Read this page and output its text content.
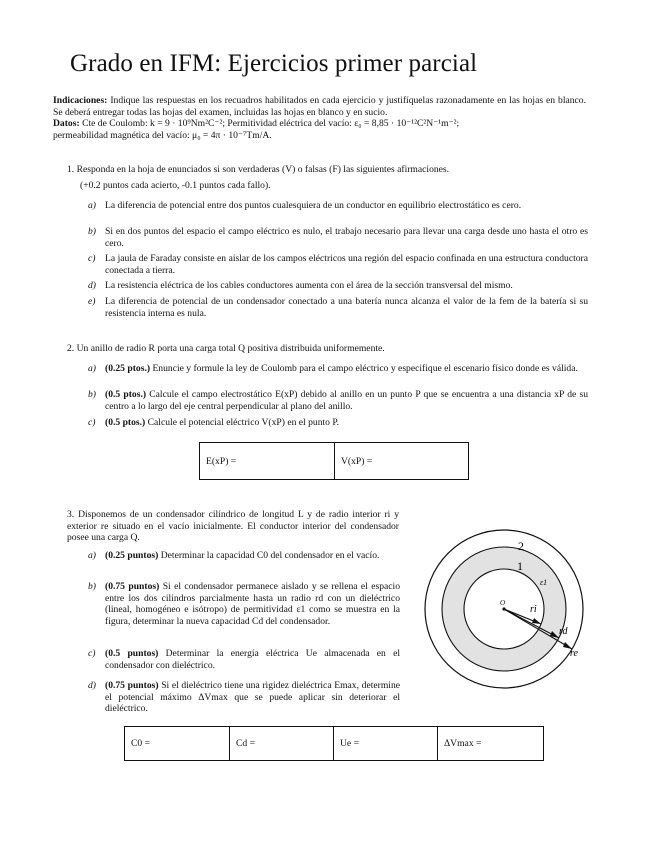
Grado en IFM: Ejercicios primer parcial
Indicaciones: Indique las respuestas en los recuadros habilitados en cada ejercicio y justifíquelas razonadamente en las hojas en blanco. Se deberá entregar todas las hojas del examen, incluidas las hojas en blanco y en sucio.
Datos: Cte de Coulomb: k = 9 · 10⁹Nm²C⁻²; Permitividad eléctrica del vacío: ε₀ = 8,85 · 10⁻¹²C²N⁻¹m⁻²;
permeabilidad magnética del vacío: μ₀ = 4π · 10⁻⁷Tm/A.
1. Responda en la hoja de enunciados si son verdaderas (V) o falsas (F) las siguientes afirmaciones.
(+0.2 puntos cada acierto, -0.1 puntos cada fallo).
a) La diferencia de potencial entre dos puntos cualesquiera de un conductor en equilibrio electrostático es cero.
b) Si en dos puntos del espacio el campo eléctrico es nulo, el trabajo necesario para llevar una carga desde uno hasta el otro es cero.
c) La jaula de Faraday consiste en aislar de los campos eléctricos una región del espacio confinada en una estructura conductora conectada a tierra.
d) La resistencia eléctrica de los cables conductores aumenta con el área de la sección transversal del mismo.
e) La diferencia de potencial de un condensador conectado a una batería nunca alcanza el valor de la fem de la batería si su resistencia interna es nula.
2. Un anillo de radio R porta una carga total Q positiva distribuida uniformemente.
a) (0.25 ptos.) Enuncie y formule la ley de Coulomb para el campo eléctrico y especifique el escenario físico donde es válida.
b) (0.5 ptos.) Calcule el campo electrostático E(xP) debido al anillo en un punto P que se encuentra a una distancia xP de su centro a lo largo del eje central perpendicular al plano del anillo.
c) (0.5 ptos.) Calcule el potencial eléctrico V(xP) en el punto P.
E(xP) =	V(xP) =
3. Disponemos de un condensador cilíndrico de longitud L y de radio interior ri y exterior re situado en el vacío inicialmente. El conductor interior del condensador posee una carga Q.
a) (0.25 puntos) Determinar la capacidad C0 del condensador en el vacío.
b) (0.75 puntos) Si el condensador permanece aislado y se rellena el espacio entre los dos cilindros parcialmente hasta un radio rd con un dieléctrico (lineal, homogéneo e isótropo) de permitividad ε1 como se muestra en la figura, determinar la nueva capacidad Cd del condensador.
c) (0.5 puntos) Determinar la energía eléctrica Ue almacenada en el condensador con dieléctrico.
d) (0.75 puntos) Si el dieléctrico tiene una rigidez dieléctrica Emax, determine el potencial máximo ΔVmax que se puede aplicar sin deteriorar el dieléctrico.
2
1
ε1
O
ri
rd
re
C0 =	Cd =	Ue =	ΔVmax =
